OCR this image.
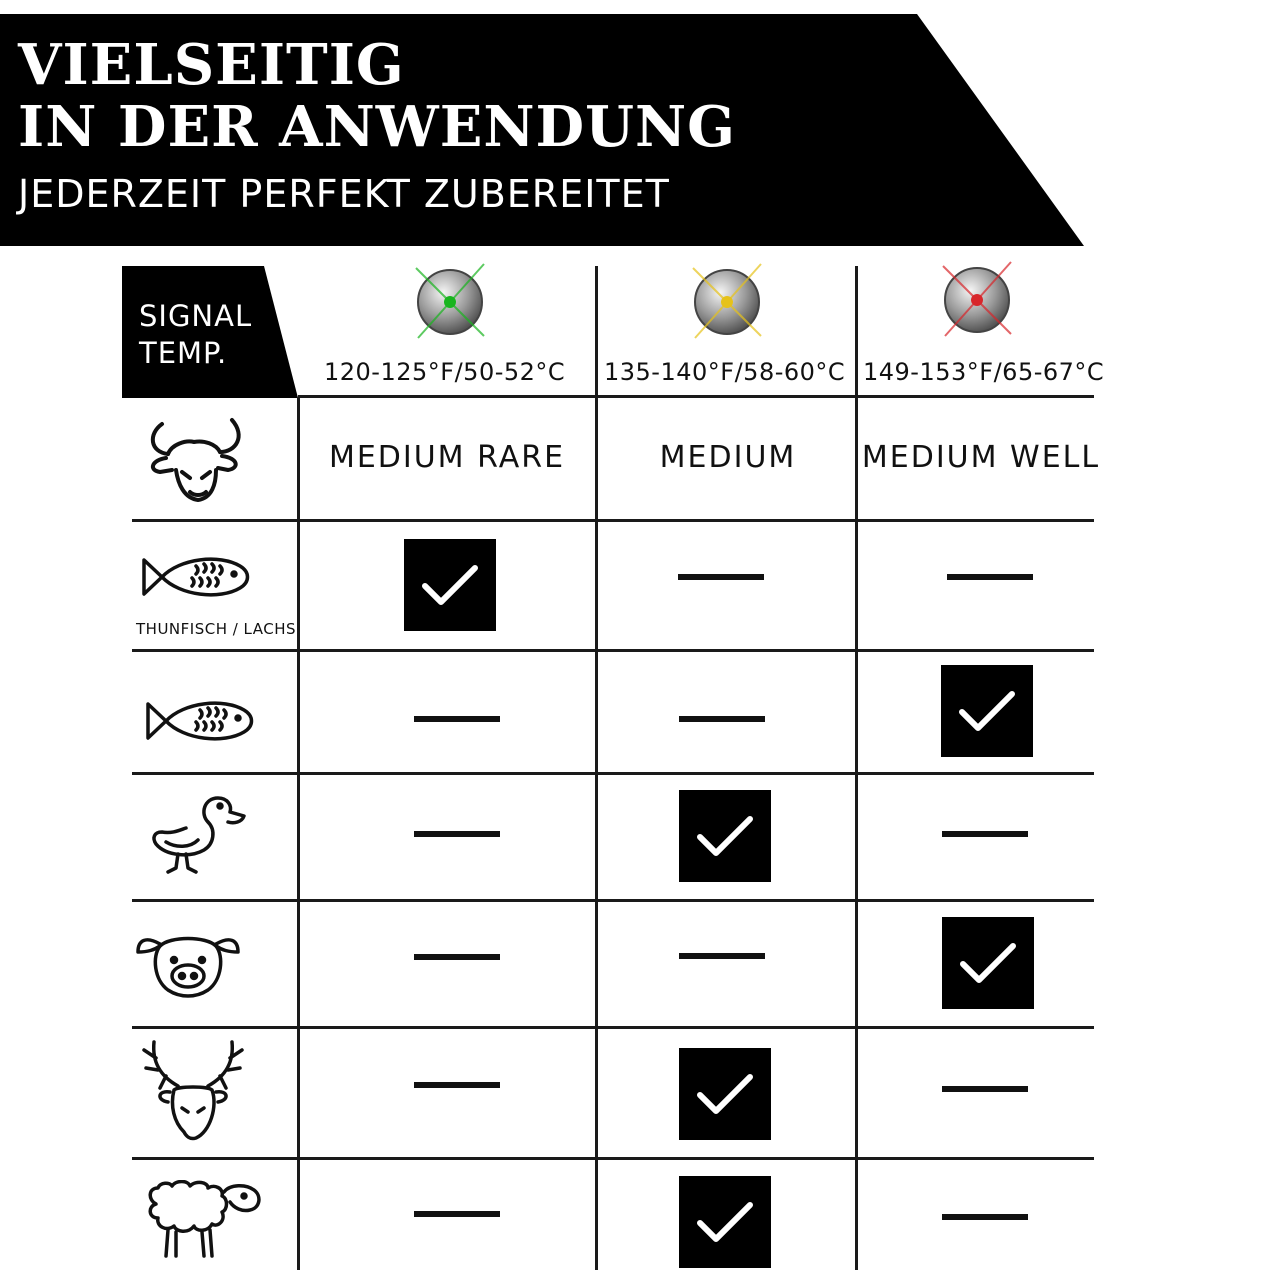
VIELSEITIG
IN DER ANWENDUNG
JEDERZEIT PERFEKT ZUBEREITET
SIGNAL
TEMP.
120-125°F/50-52°C 135-140°F/58-60°C 149-153°F/65-67°C
MEDIUM RARE	MEDIUM	MEDIUM WELL
THUNFISCH / LACHS
